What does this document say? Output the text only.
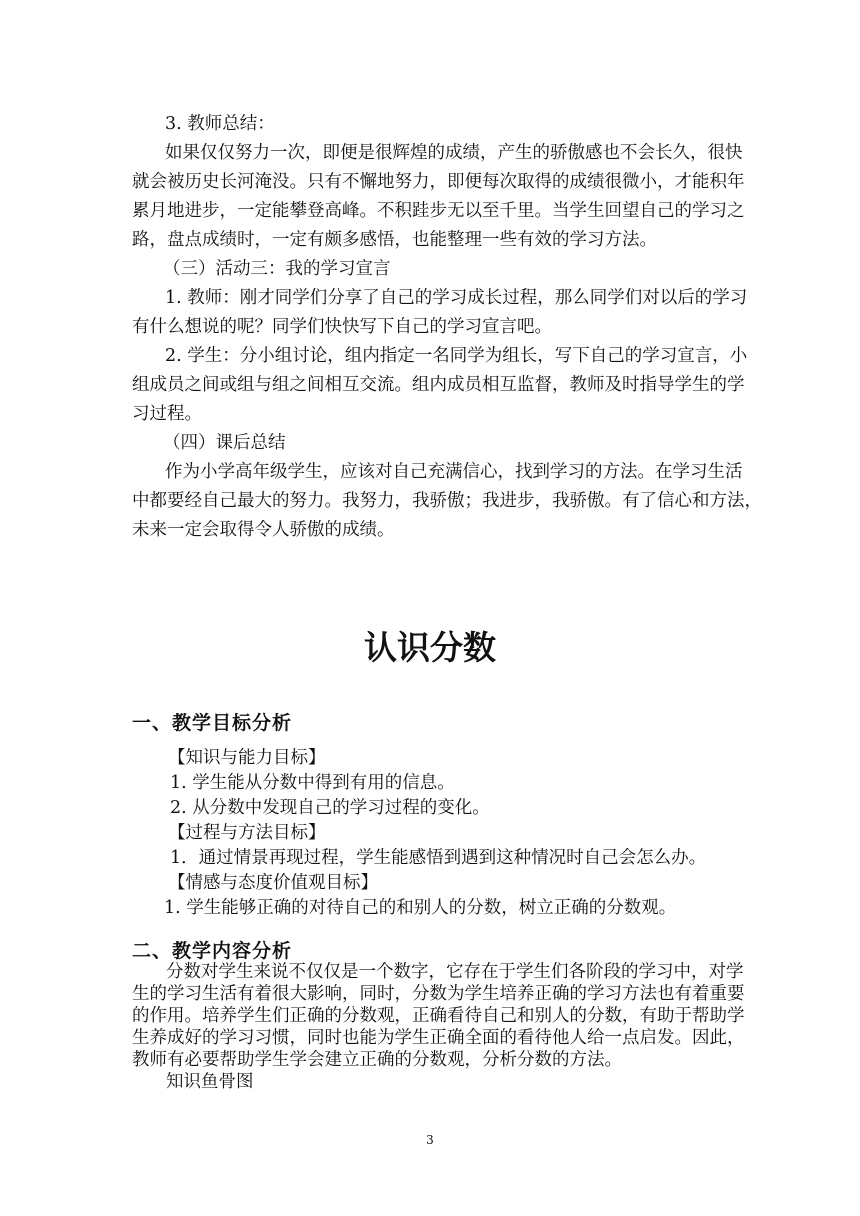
3. 教师总结：
如果仅仅努力一次，即便是很辉煌的成绩，产生的骄傲感也不会长久，很快
就会被历史长河淹没。只有不懈地努力，即便每次取得的成绩很微小，才能积年
累月地进步，一定能攀登高峰。不积跬步无以至千里。当学生回望自己的学习之
路，盘点成绩时，一定有颇多感悟，也能整理一些有效的学习方法。
（三）活动三：我的学习宣言
1. 教师：刚才同学们分享了自己的学习成长过程，那么同学们对以后的学习
有什么想说的呢？同学们快快写下自己的学习宣言吧。
2. 学生：分小组讨论，组内指定一名同学为组长，写下自己的学习宣言，小
组成员之间或组与组之间相互交流。组内成员相互监督，教师及时指导学生的学
习过程。
（四）课后总结
作为小学高年级学生，应该对自己充满信心，找到学习的方法。在学习生活
中都要经自己最大的努力。我努力，我骄傲；我进步，我骄傲。有了信心和方法，
未来一定会取得令人骄傲的成绩。
认识分数
一、教学目标分析
【知识与能力目标】
1. 学生能从分数中得到有用的信息。
2. 从分数中发现自己的学习过程的变化。
【过程与方法目标】
1．通过情景再现过程，学生能感悟到遇到这种情况时自己会怎么办。
【情感与态度价值观目标】
1. 学生能够正确的对待自己的和别人的分数，树立正确的分数观。
二、教学内容分析
分数对学生来说不仅仅是一个数字，它存在于学生们各阶段的学习中，对学
生的学习生活有着很大影响，同时，分数为学生培养正确的学习方法也有着重要
的作用。培养学生们正确的分数观，正确看待自己和别人的分数，有助于帮助学
生养成好的学习习惯，同时也能为学生正确全面的看待他人给一点启发。因此，
教师有必要帮助学生学会建立正确的分数观，分析分数的方法。
知识鱼骨图
3
